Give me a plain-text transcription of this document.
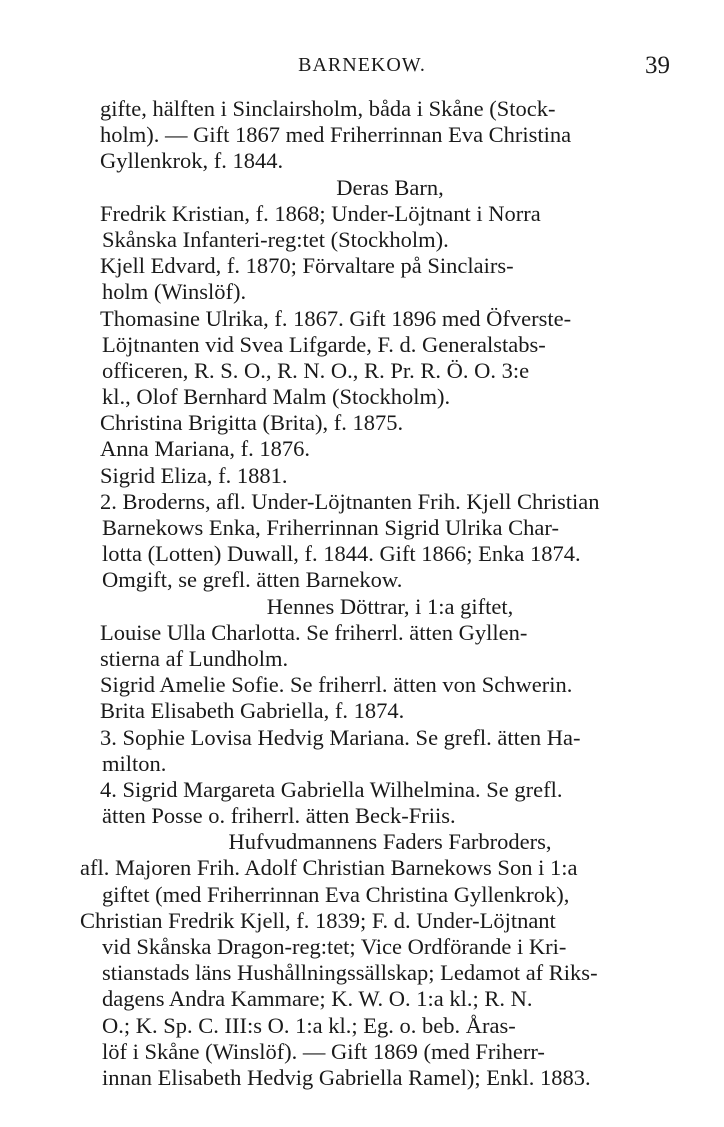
BARNEKOW.	39
gifte, hälften i Sinclairsholm, båda i Skåne (Stock-
holm). — Gift 1867 med Friherrinnan Eva Christina
Gyllenkrok, f. 1844.
Deras Barn,
Fredrik Kristian, f. 1868; Under-Löjtnant i Norra
Skånska Infanteri-reg:tet (Stockholm).
Kjell Edvard, f. 1870; Förvaltare på Sinclairs-
holm (Winslöf).
Thomasine Ulrika, f. 1867. Gift 1896 med Öfverste-
Löjtnanten vid Svea Lifgarde, F. d. Generalstabs-
officeren, R. S. O., R. N. O., R. Pr. R. Ö. O. 3:e
kl., Olof Bernhard Malm (Stockholm).
Christina Brigitta (Brita), f. 1875.
Anna Mariana, f. 1876.
Sigrid Eliza, f. 1881.
2. Broderns, afl. Under-Löjtnanten Frih. Kjell Christian
Barnekows Enka, Friherrinnan Sigrid Ulrika Char-
lotta (Lotten) Duwall, f. 1844. Gift 1866; Enka 1874.
Omgift, se grefl. ätten Barnekow.
Hennes Döttrar, i 1:a giftet,
Louise Ulla Charlotta. Se friherrl. ätten Gyllen-
stierna af Lundholm.
Sigrid Amelie Sofie. Se friherrl. ätten von Schwerin.
Brita Elisabeth Gabriella, f. 1874.
3. Sophie Lovisa Hedvig Mariana. Se grefl. ätten Ha-
milton.
4. Sigrid Margareta Gabriella Wilhelmina. Se grefl.
ätten Posse o. friherrl. ätten Beck-Friis.
Hufvudmannens Faders Farbroders,
afl. Majoren Frih. Adolf Christian Barnekows Son i 1:a
giftet (med Friherrinnan Eva Christina Gyllenkrok),
Christian Fredrik Kjell, f. 1839; F. d. Under-Löjtnant
vid Skånska Dragon-reg:tet; Vice Ordförande i Kri-
stianstads läns Hushållningssällskap; Ledamot af Riks-
dagens Andra Kammare; K. W. O. 1:a kl.; R. N.
O.; K. Sp. C. III:s O. 1:a kl.; Eg. o. beb. Åras-
löf i Skåne (Winslöf). — Gift 1869 (med Friherr-
innan Elisabeth Hedvig Gabriella Ramel); Enkl. 1883.
